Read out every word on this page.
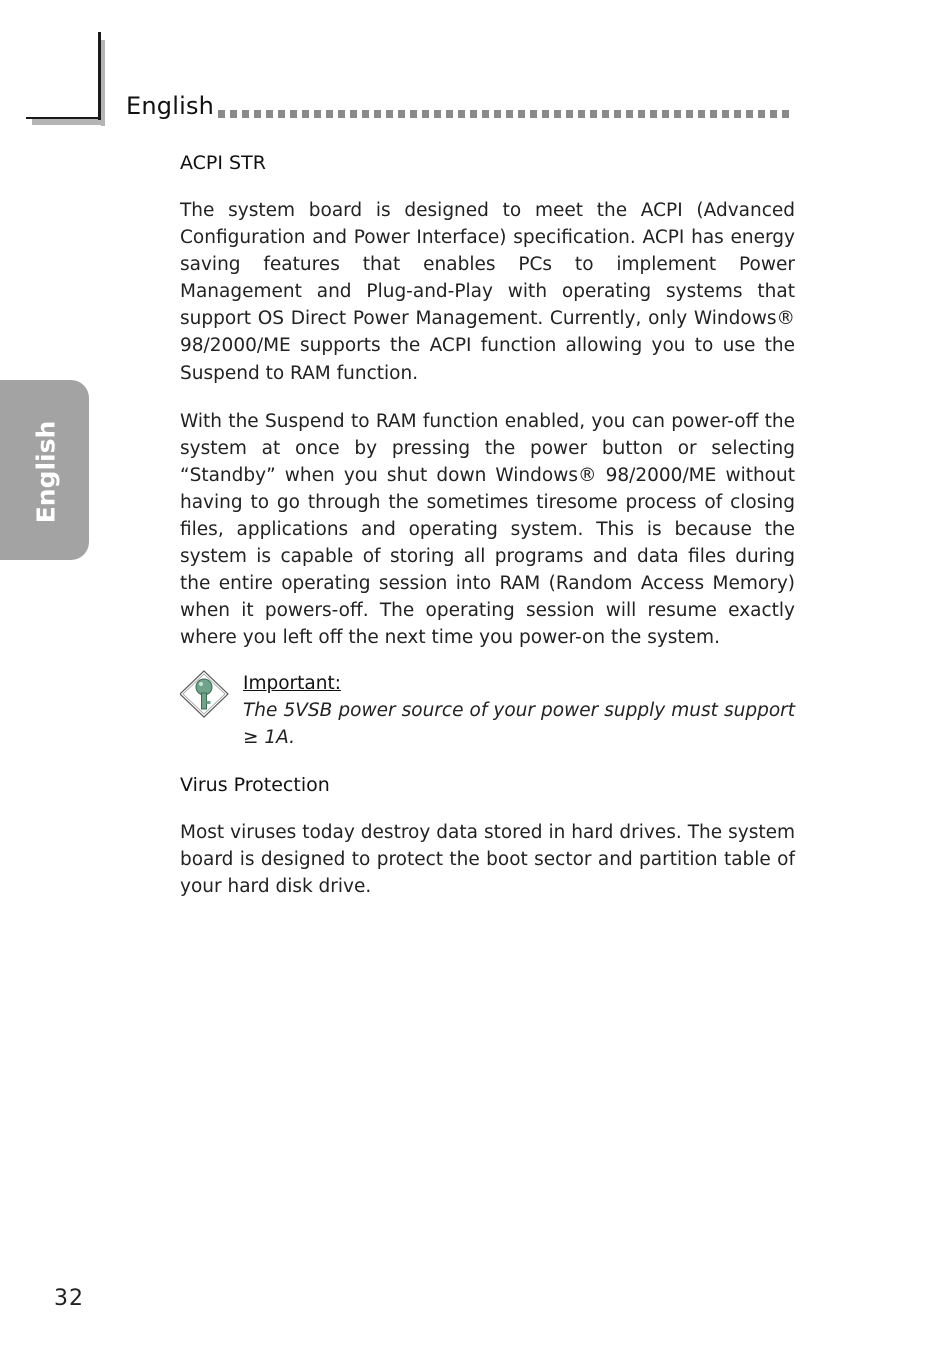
English
English
ACPI STR

The system board is designed to meet the ACPI (Advanced Configuration and Power Interface) specification. ACPI has energy saving features that enables PCs to implement Power Management and Plug-and-Play with operating systems that support OS Direct Power Management. Currently, only Windows® 98/2000/ME supports the ACPI function allowing you to use the Suspend to RAM function.

With the Suspend to RAM function enabled, you can power-off the system at once by pressing the power button or selecting “Standby” when you shut down Windows® 98/2000/ME without having to go through the sometimes tiresome process of closing files, applications and operating system. This is because the system is capable of storing all programs and data files during the entire operating session into RAM (Random Access Memory) when it powers-off. The operating session will resume exactly where you left off the next time you power-on the system.

Important:
The 5VSB power source of your power supply must support ≥ 1A.
Virus Protection

Most viruses today destroy data stored in hard drives. The system board is designed to protect the boot sector and partition table of your hard disk drive.

32
